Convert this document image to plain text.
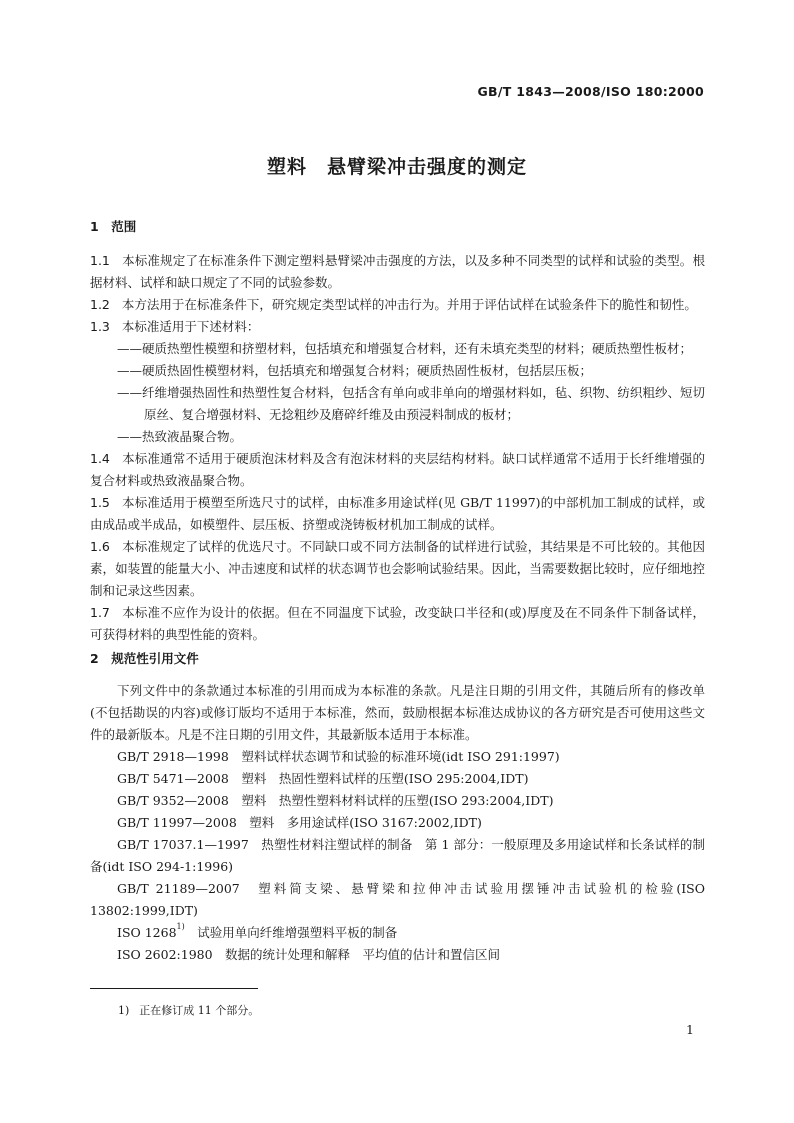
GB/T 1843—2008/ISO 180:2000
塑料　悬臂梁冲击强度的测定
1　范围

1.1 本标准规定了在标准条件下测定塑料悬臂梁冲击强度的方法，以及多种不同类型的试样和试验的类型。根据材料、试样和缺口规定了不同的试验参数。

1.2 本方法用于在标准条件下，研究规定类型试样的冲击行为。并用于评估试样在试验条件下的脆性和韧性。

1.3 本标准适用于下述材料：

——硬质热塑性模塑和挤塑材料，包括填充和增强复合材料，还有未填充类型的材料；硬质热塑性板材；

——硬质热固性模塑材料，包括填充和增强复合材料；硬质热固性板材，包括层压板；

——纤维增强热固性和热塑性复合材料，包括含有单向或非单向的增强材料如，毡、织物、纺织粗纱、短切原丝、复合增强材料、无捻粗纱及磨碎纤维及由预浸料制成的板材；

——热致液晶聚合物。

1.4 本标准通常不适用于硬质泡沫材料及含有泡沫材料的夹层结构材料。缺口试样通常不适用于长纤维增强的复合材料或热致液晶聚合物。

1.5 本标准适用于模塑至所选尺寸的试样，由标准多用途试样(见 GB/T 11997)的中部机加工制成的试样，或由成品或半成品，如模塑件、层压板、挤塑或浇铸板材机加工制成的试样。

1.6 本标准规定了试样的优选尺寸。不同缺口或不同方法制备的试样进行试验，其结果是不可比较的。其他因素，如装置的能量大小、冲击速度和试样的状态调节也会影响试验结果。因此，当需要数据比较时，应仔细地控制和记录这些因素。

1.7 本标准不应作为设计的依据。但在不同温度下试验，改变缺口半径和(或)厚度及在不同条件下制备试样，可获得材料的典型性能的资料。

2　规范性引用文件

下列文件中的条款通过本标准的引用而成为本标准的条款。凡是注日期的引用文件，其随后所有的修改单(不包括勘误的内容)或修订版均不适用于本标准，然而，鼓励根据本标准达成协议的各方研究是否可使用这些文件的最新版本。凡是不注日期的引用文件，其最新版本适用于本标准。

GB/T 2918—1998　塑料试样状态调节和试验的标准环境(idt ISO 291:1997)

GB/T 5471—2008　塑料　热固性塑料试样的压塑(ISO 295:2004,IDT)

GB/T 9352—2008　塑料　热塑性塑料材料试样的压塑(ISO 293:2004,IDT)

GB/T 11997—2008　塑料　多用途试样(ISO 3167:2002,IDT)

GB/T 17037.1—1997　热塑性材料注塑试样的制备　第 1 部分：一般原理及多用途试样和长条试样的制备(idt ISO 294-1:1996)

GB/T 21189—2007　塑料简支梁、悬臂梁和拉伸冲击试验用摆锤冲击试验机的检验(ISO 13802:1999,IDT)

ISO 1268$^{1)}$　试验用单向纤维增强塑料平板的制备

ISO 2602:1980　数据的统计处理和解释　平均值的估计和置信区间

1) 正在修订成 11 个部分。
1
